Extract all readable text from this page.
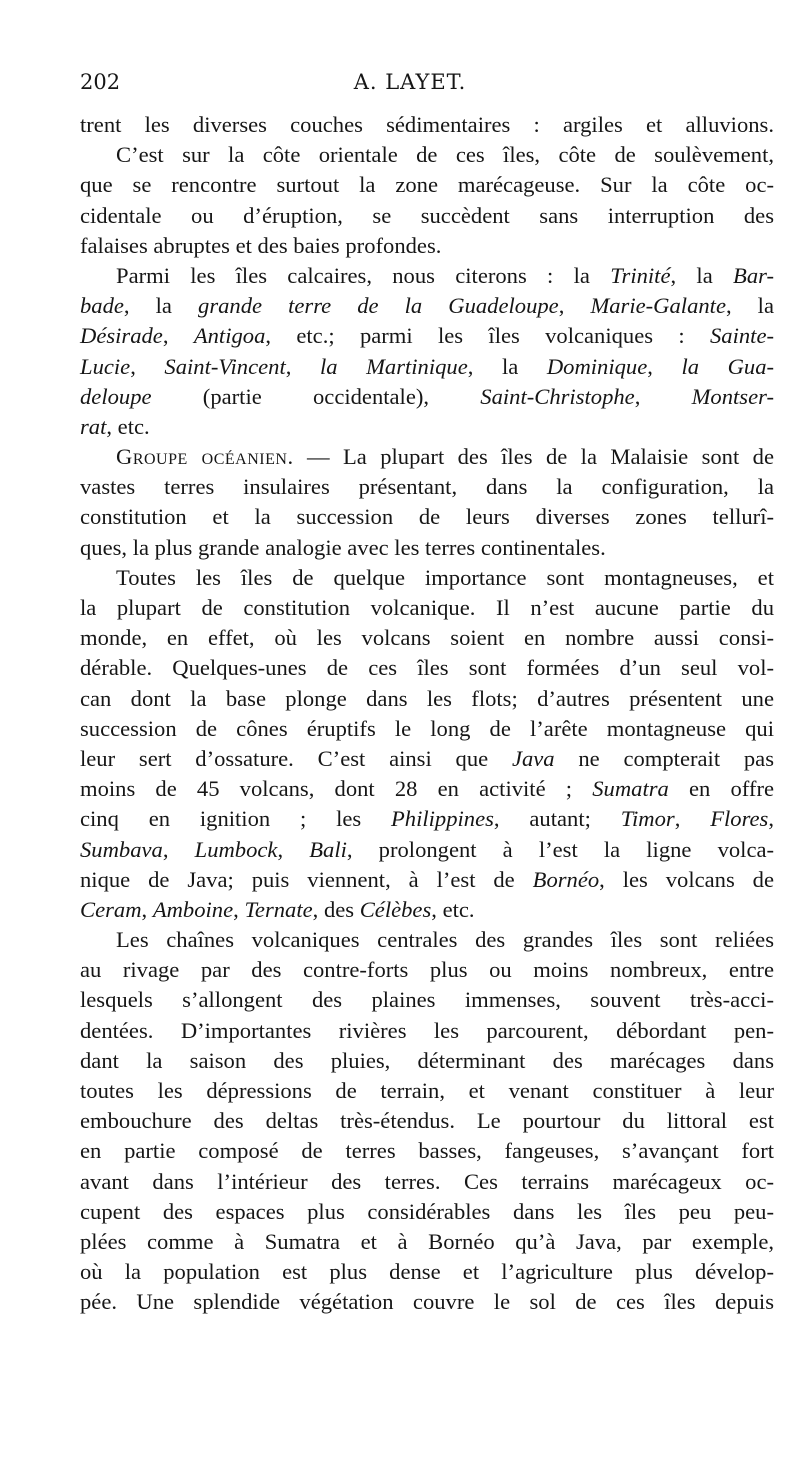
202	A. LAYET.
trent les diverses couches sédimentaires : argiles et alluvions.
C’est sur la côte orientale de ces îles, côte de soulèvement,
que se rencontre surtout la zone marécageuse. Sur la côte oc-
cidentale ou d’éruption, se succèdent sans interruption des
falaises abruptes et des baies profondes.
Parmi les îles calcaires, nous citerons : la Trinité, la Bar-
bade, la grande terre de la Guadeloupe, Marie-Galante, la
Désirade, Antigoa, etc.; parmi les îles volcaniques : Sainte-
Lucie, Saint-Vincent, la Martinique, la Dominique, la Gua-
deloupe (partie occidentale), Saint-Christophe, Montser-
rat, etc.
Groupe océanien. — La plupart des îles de la Malaisie sont de
vastes terres insulaires présentant, dans la configuration, la
constitution et la succession de leurs diverses zones tellurî-
ques, la plus grande analogie avec les terres continentales.
Toutes les îles de quelque importance sont montagneuses, et
la plupart de constitution volcanique. Il n’est aucune partie du
monde, en effet, où les volcans soient en nombre aussi consi-
dérable. Quelques-unes de ces îles sont formées d’un seul vol-
can dont la base plonge dans les flots; d’autres présentent une
succession de cônes éruptifs le long de l’arête montagneuse qui
leur sert d’ossature. C’est ainsi que Java ne compterait pas
moins de 45 volcans, dont 28 en activité ; Sumatra en offre
cinq en ignition ; les Philippines, autant; Timor, Flores,
Sumbava, Lumbock, Bali, prolongent à l’est la ligne volca-
nique de Java; puis viennent, à l’est de Bornéo, les volcans de
Ceram, Amboine, Ternate, des Célèbes, etc.
Les chaînes volcaniques centrales des grandes îles sont reliées
au rivage par des contre-forts plus ou moins nombreux, entre
lesquels s’allongent des plaines immenses, souvent très-acci-
dentées. D’importantes rivières les parcourent, débordant pen-
dant la saison des pluies, déterminant des marécages dans
toutes les dépressions de terrain, et venant constituer à leur
embouchure des deltas très-étendus. Le pourtour du littoral est
en partie composé de terres basses, fangeuses, s’avançant fort
avant dans l’intérieur des terres. Ces terrains marécageux oc-
cupent des espaces plus considérables dans les îles peu peu-
plées comme à Sumatra et à Bornéo qu’à Java, par exemple,
où la population est plus dense et l’agriculture plus dévelop-
pée. Une splendide végétation couvre le sol de ces îles depuis
